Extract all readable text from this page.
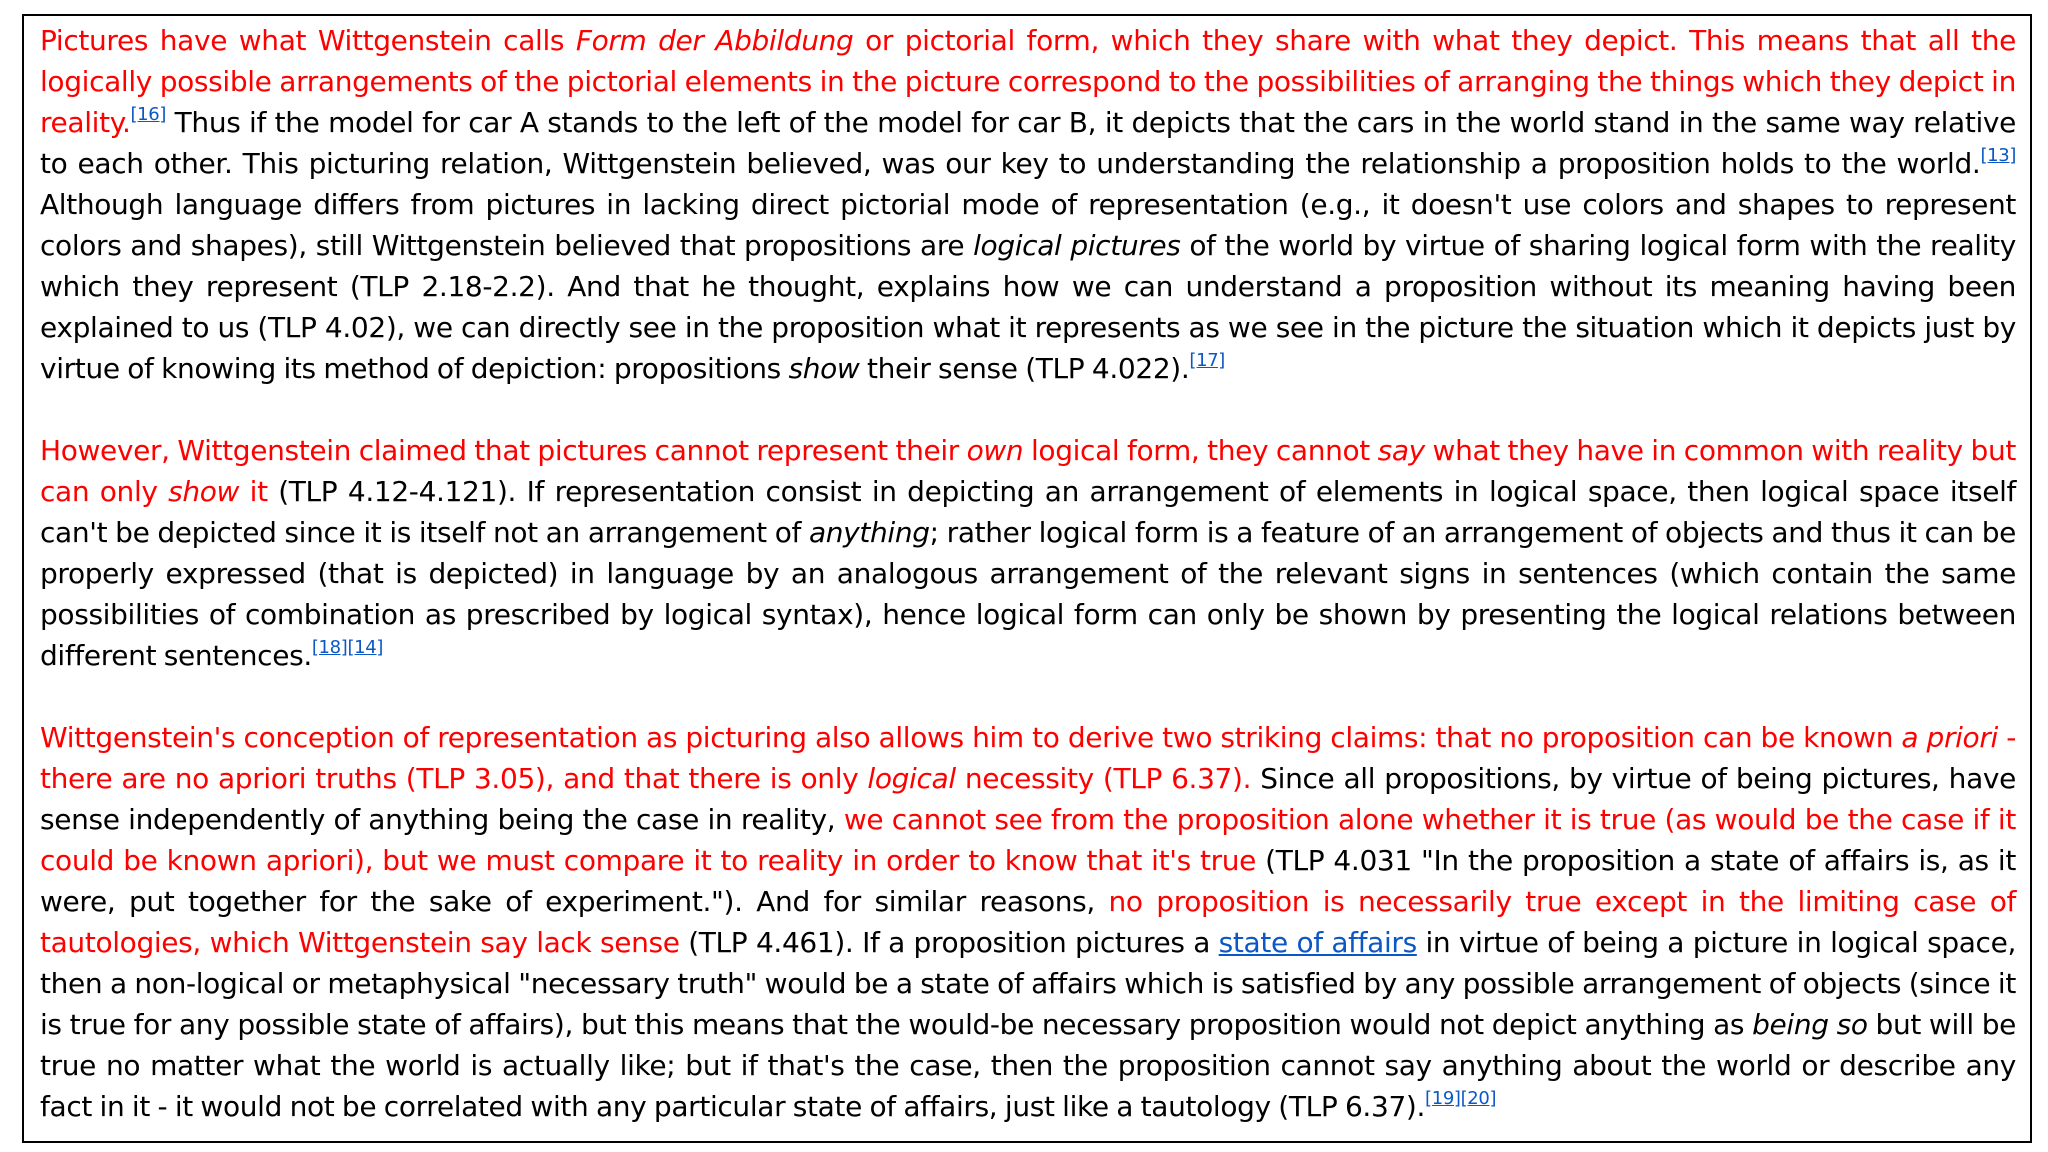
Pictures have what Wittgenstein calls Form der Abbildung or pictorial form, which they share with what they depict. This means that all the logically possible arrangements of the pictorial elements in the picture correspond to the possibilities of arranging the things which they depict in reality.[16] Thus if the model for car A stands to the left of the model for car B, it depicts that the cars in the world stand in the same way relative to each other. This picturing relation, Wittgenstein believed, was our key to understanding the relationship a proposition holds to the world.[13] Although language differs from pictures in lacking direct pictorial mode of representation (e.g., it doesn't use colors and shapes to represent colors and shapes), still Wittgenstein believed that propositions are logical pictures of the world by virtue of sharing logical form with the reality which they represent (TLP 2.18-2.2). And that he thought, explains how we can understand a proposition without its meaning having been explained to us (TLP 4.02), we can directly see in the proposition what it represents as we see in the picture the situation which it depicts just by virtue of knowing its method of depiction: propositions show their sense (TLP 4.022).[17]

However, Wittgenstein claimed that pictures cannot represent their own logical form, they cannot say what they have in common with reality but can only show it (TLP 4.12-4.121). If representation consist in depicting an arrangement of elements in logical space, then logical space itself can't be depicted since it is itself not an arrangement of anything; rather logical form is a feature of an arrangement of objects and thus it can be properly expressed (that is depicted) in language by an analogous arrangement of the relevant signs in sentences (which contain the same possibilities of combination as prescribed by logical syntax), hence logical form can only be shown by presenting the logical relations between different sentences.[18][14]

Wittgenstein's conception of representation as picturing also allows him to derive two striking claims: that no proposition can be known a priori - there are no apriori truths (TLP 3.05), and that there is only logical necessity (TLP 6.37). Since all propositions, by virtue of being pictures, have sense independently of anything being the case in reality, we cannot see from the proposition alone whether it is true (as would be the case if it could be known apriori), but we must compare it to reality in order to know that it's true (TLP 4.031 "In the proposition a state of affairs is, as it were, put together for the sake of experiment."). And for similar reasons, no proposition is necessarily true except in the limiting case of tautologies, which Wittgenstein say lack sense (TLP 4.461). If a proposition pictures a state of affairs in virtue of being a picture in logical space, then a non-logical or metaphysical "necessary truth" would be a state of affairs which is satisfied by any possible arrangement of objects (since it is true for any possible state of affairs), but this means that the would-be necessary proposition would not depict anything as being so but will be true no matter what the world is actually like; but if that's the case, then the proposition cannot say anything about the world or describe any fact in it - it would not be correlated with any particular state of affairs, just like a tautology (TLP 6.37).[19][20]
